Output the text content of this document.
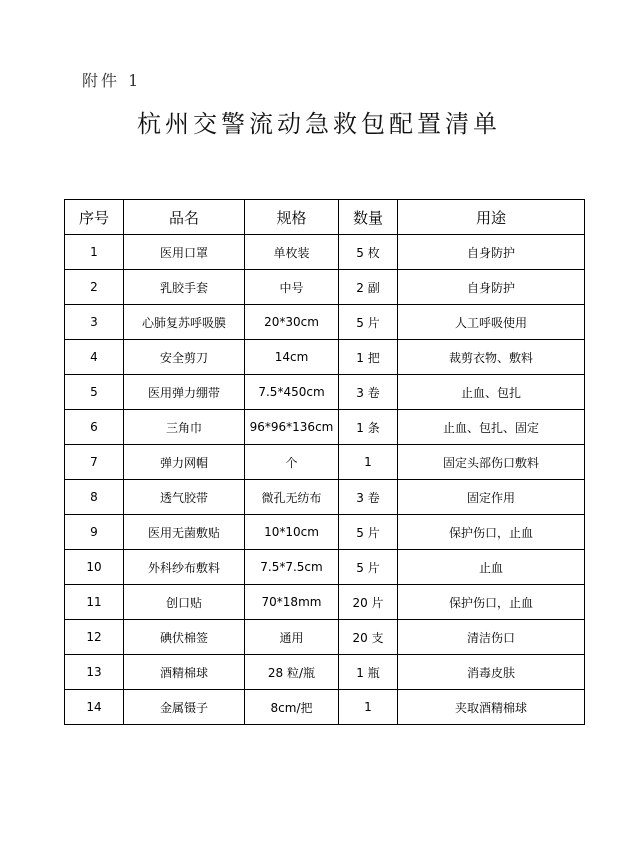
附件 1
杭州交警流动急救包配置清单
序号	品名	规格	数量	用途
1	医用口罩	单枚装	5 枚	自身防护
2	乳胶手套	中号	2 副	自身防护
3	心肺复苏呼吸膜	20*30cm	5 片	人工呼吸使用
4	安全剪刀	14cm	1 把	裁剪衣物、敷料
5	医用弹力绷带	7.5*450cm	3 卷	止血、包扎
6	三角巾	96*96*136cm	1 条	止血、包扎、固定
7	弹力网帽	个	1	固定头部伤口敷料
8	透气胶带	微孔无纺布	3 卷	固定作用
9	医用无菌敷贴	10*10cm	5 片	保护伤口，止血
10	外科纱布敷料	7.5*7.5cm	5 片	止血
11	创口贴	70*18mm	20 片	保护伤口，止血
12	碘伏棉签	通用	20 支	清洁伤口
13	酒精棉球	28 粒/瓶	1 瓶	消毒皮肤
14	金属镊子	8cm/把	1	夹取酒精棉球
